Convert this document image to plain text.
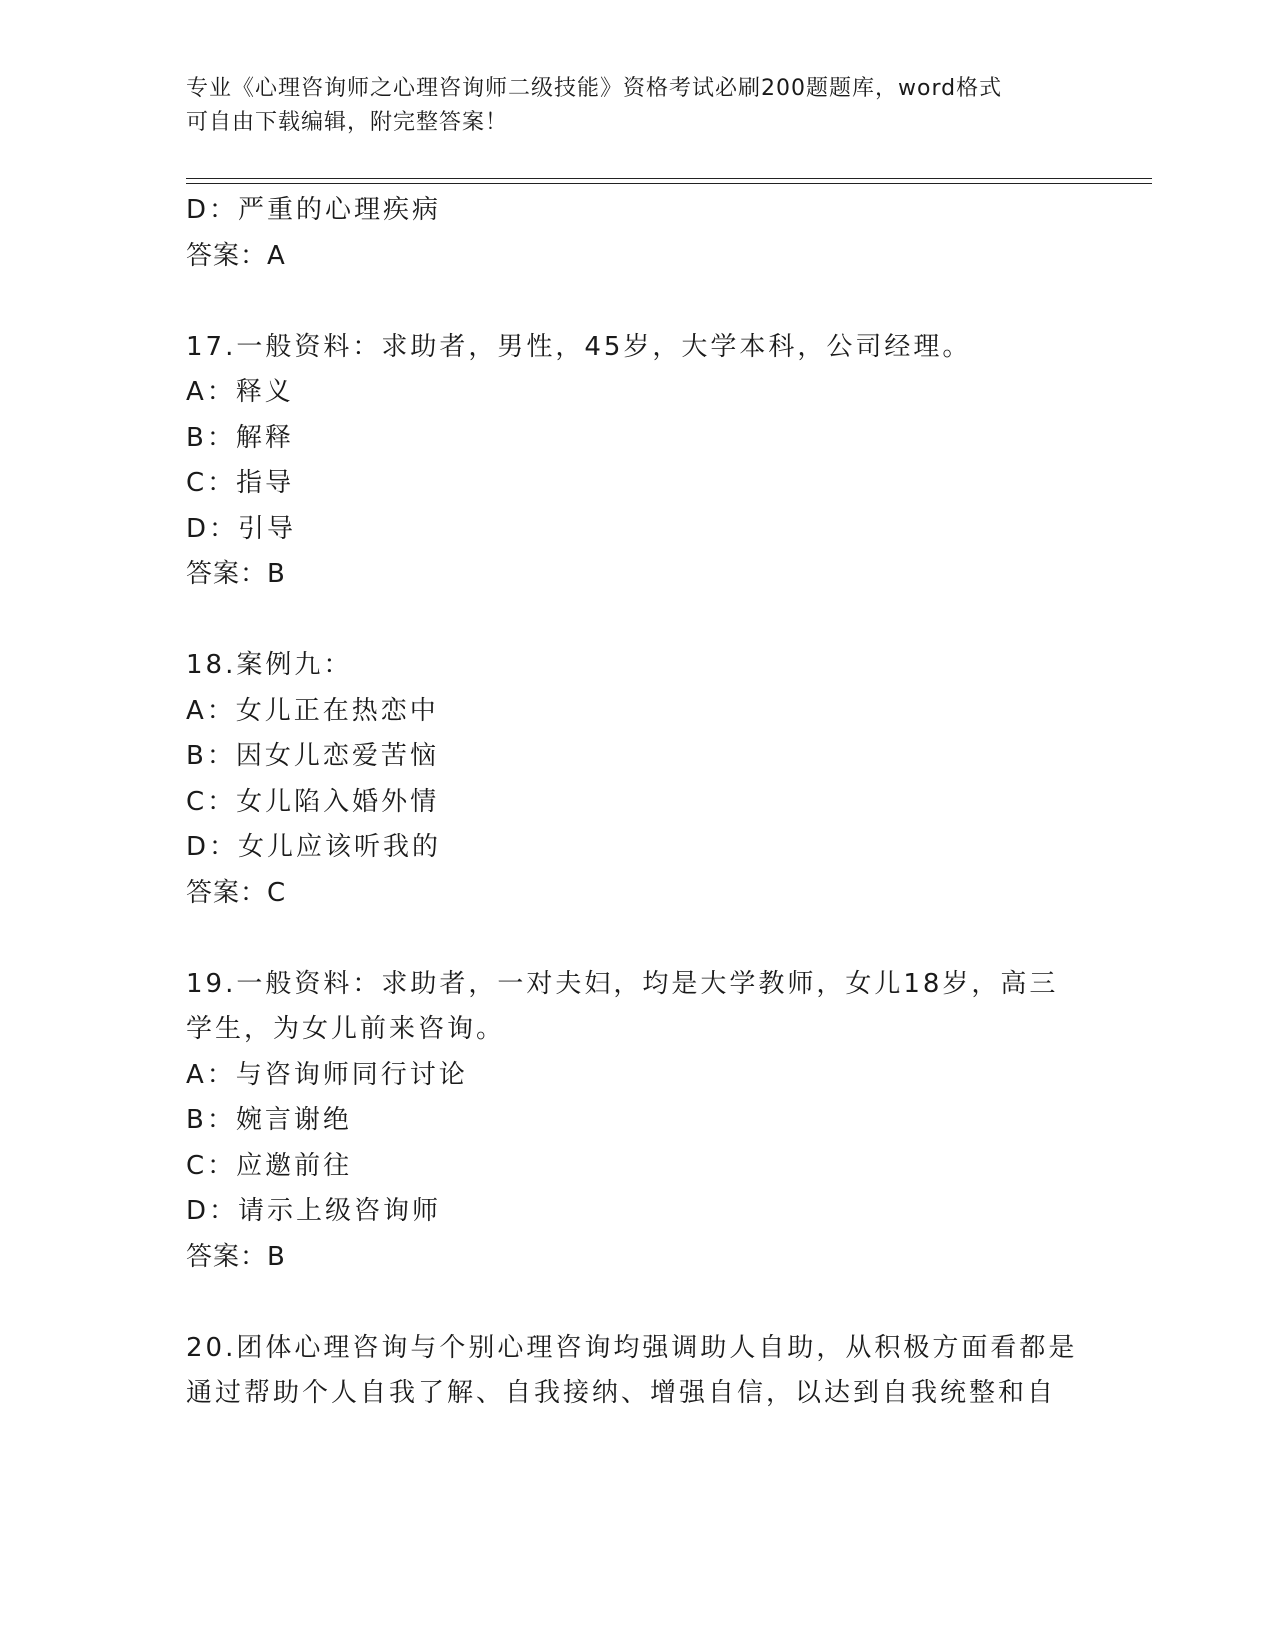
专业《心理咨询师之心理咨询师二级技能》资格考试必刷200题题库，word格式
可自由下载编辑，附完整答案！
D：严重的心理疾病
答案：A
17.一般资料：求助者，男性，45岁，大学本科，公司经理。
A：释义
B：解释
C：指导
D：引导
答案：B
18.案例九：
A：女儿正在热恋中
B：因女儿恋爱苦恼
C：女儿陷入婚外情
D：女儿应该听我的
答案：C
19.一般资料：求助者，一对夫妇，均是大学教师，女儿18岁，高三
学生，为女儿前来咨询。
A：与咨询师同行讨论
B：婉言谢绝
C：应邀前往
D：请示上级咨询师
答案：B
20.团体心理咨询与个别心理咨询均强调助人自助，从积极方面看都是
通过帮助个人自我了解、自我接纳、增强自信，以达到自我统整和自
